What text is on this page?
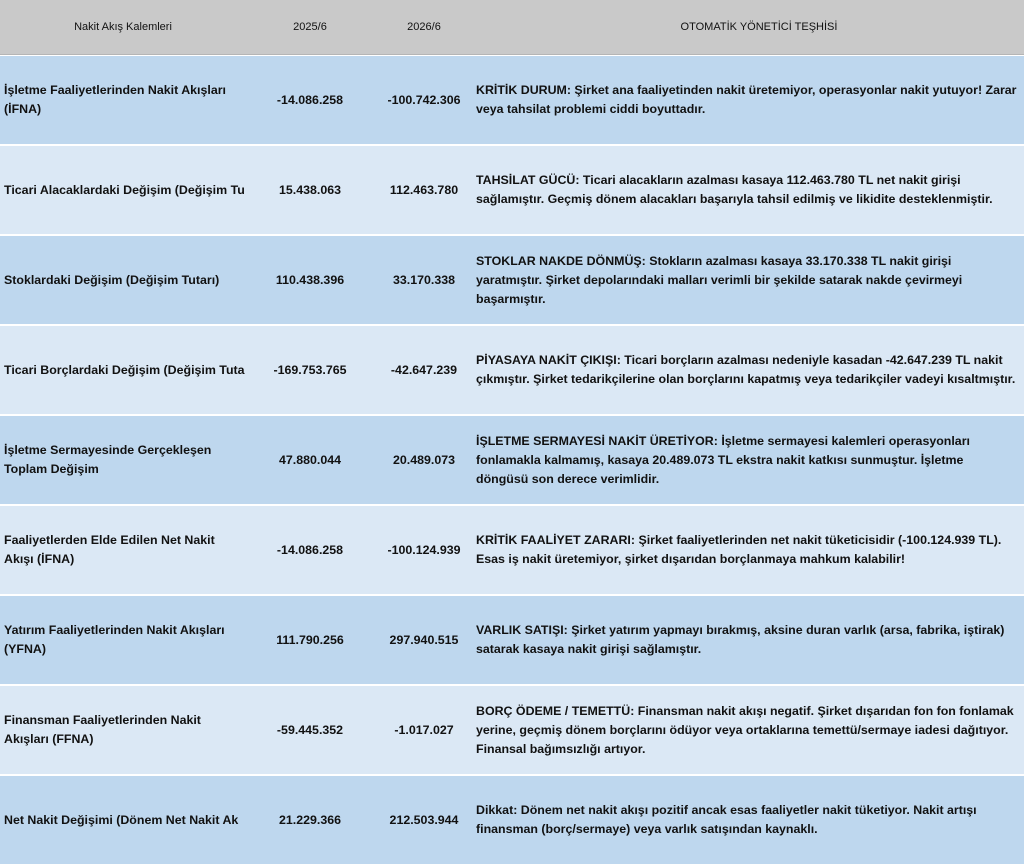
Nakit Akış Kalemleri	2025/6	2026/6	OTOMATİK YÖNETİCİ TEŞHİSİ
İşletme Faaliyetlerinden Nakit Akışları (İFNA)	-14.086.258	-100.742.306	KRİTİK DURUM: Şirket ana faaliyetinden nakit üretemiyor, operasyonlar nakit yutuyor! Zarar veya tahsilat problemi ciddi boyuttadır.
Ticari Alacaklardaki Değişim (Değişim Tu	15.438.063	112.463.780	TAHSİLAT GÜCÜ: Ticari alacakların azalması kasaya 112.463.780 TL net nakit girişi sağlamıştır. Geçmiş dönem alacakları başarıyla tahsil edilmiş ve likidite desteklenmiştir.
Stoklardaki Değişim (Değişim Tutarı)	110.438.396	33.170.338	STOKLAR NAKDE DÖNMÜŞ: Stokların azalması kasaya 33.170.338 TL nakit girişi yaratmıştır. Şirket depolarındaki malları verimli bir şekilde satarak nakde çevirmeyi başarmıştır.
Ticari Borçlardaki Değişim (Değişim Tuta	-169.753.765	-42.647.239	PİYASAYA NAKİT ÇIKIŞI: Ticari borçların azalması nedeniyle kasadan -42.647.239 TL nakit çıkmıştır. Şirket tedarikçilerine olan borçlarını kapatmış veya tedarikçiler vadeyi kısaltmıştır.
İşletme Sermayesinde Gerçekleşen Toplam Değişim	47.880.044	20.489.073	İŞLETME SERMAYESİ NAKİT ÜRETİYOR: İşletme sermayesi kalemleri operasyonları fonlamakla kalmamış, kasaya 20.489.073 TL ekstra nakit katkısı sunmuştur. İşletme döngüsü son derece verimlidir.
Faaliyetlerden Elde Edilen Net Nakit Akışı (İFNA)	-14.086.258	-100.124.939	KRİTİK FAALİYET ZARARI: Şirket faaliyetlerinden net nakit tüketicisidir (-100.124.939 TL). Esas iş nakit üretemiyor, şirket dışarıdan borçlanmaya mahkum kalabilir!
Yatırım Faaliyetlerinden Nakit Akışları (YFNA)	111.790.256	297.940.515	VARLIK SATIŞI: Şirket yatırım yapmayı bırakmış, aksine duran varlık (arsa, fabrika, iştirak) satarak kasaya nakit girişi sağlamıştır.
Finansman Faaliyetlerinden Nakit Akışları (FFNA)	-59.445.352	-1.017.027	BORÇ ÖDEME / TEMETTÜ: Finansman nakit akışı negatif. Şirket dışarıdan fon fon fonlamak yerine, geçmiş dönem borçlarını ödüyor veya ortaklarına temettü/sermaye iadesi dağıtıyor. Finansal bağımsızlığı artıyor.
Net Nakit Değişimi (Dönem Net Nakit Ak	21.229.366	212.503.944	Dikkat: Dönem net nakit akışı pozitif ancak esas faaliyetler nakit tüketiyor. Nakit artışı finansman (borç/sermaye) veya varlık satışından kaynaklı.
